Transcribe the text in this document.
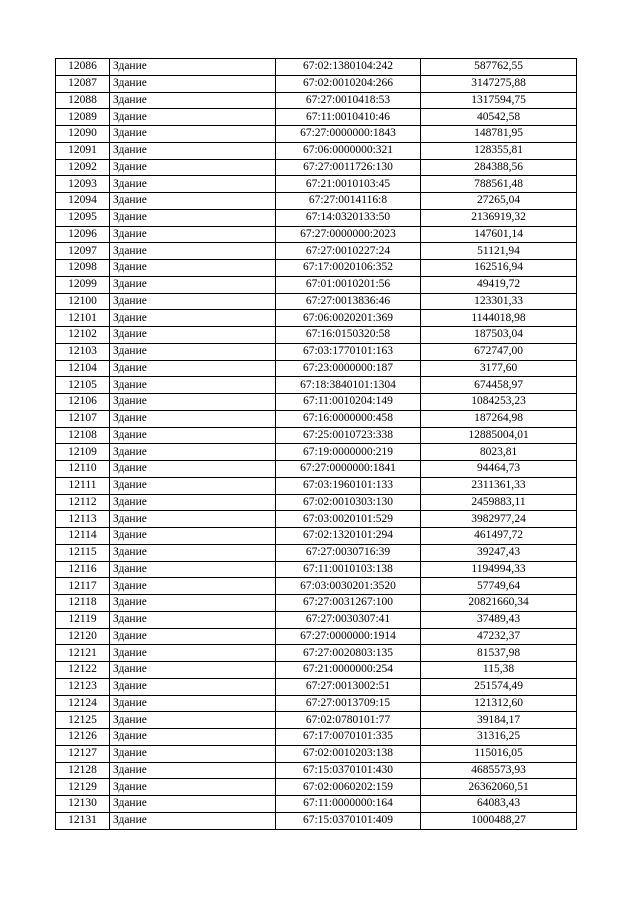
12086	Здание	67:02:1380104:242	587762,55
12087	Здание	67:02:0010204:266	3147275,88
12088	Здание	67:27:0010418:53	1317594,75
12089	Здание	67:11:0010410:46	40542,58
12090	Здание	67:27:0000000:1843	148781,95
12091	Здание	67:06:0000000:321	128355,81
12092	Здание	67:27:0011726:130	284388,56
12093	Здание	67:21:0010103:45	788561,48
12094	Здание	67:27:0014116:8	27265,04
12095	Здание	67:14:0320133:50	2136919,32
12096	Здание	67:27:0000000:2023	147601,14
12097	Здание	67:27:0010227:24	51121,94
12098	Здание	67:17:0020106:352	162516,94
12099	Здание	67:01:0010201:56	49419,72
12100	Здание	67:27:0013836:46	123301,33
12101	Здание	67:06:0020201:369	1144018,98
12102	Здание	67:16:0150320:58	187503,04
12103	Здание	67:03:1770101:163	672747,00
12104	Здание	67:23:0000000:187	3177,60
12105	Здание	67:18:3840101:1304	674458,97
12106	Здание	67:11:0010204:149	1084253,23
12107	Здание	67:16:0000000:458	187264,98
12108	Здание	67:25:0010723:338	12885004,01
12109	Здание	67:19:0000000:219	8023,81
12110	Здание	67:27:0000000:1841	94464,73
12111	Здание	67:03:1960101:133	2311361,33
12112	Здание	67:02:0010303:130	2459883,11
12113	Здание	67:03:0020101:529	3982977,24
12114	Здание	67:02:1320101:294	461497,72
12115	Здание	67:27:0030716:39	39247,43
12116	Здание	67:11:0010103:138	1194994,33
12117	Здание	67:03:0030201:3520	57749,64
12118	Здание	67:27:0031267:100	20821660,34
12119	Здание	67:27:0030307:41	37489,43
12120	Здание	67:27:0000000:1914	47232,37
12121	Здание	67:27:0020803:135	81537,98
12122	Здание	67:21:0000000:254	115,38
12123	Здание	67:27:0013002:51	251574,49
12124	Здание	67:27:0013709:15	121312,60
12125	Здание	67:02:0780101:77	39184,17
12126	Здание	67:17:0070101:335	31316,25
12127	Здание	67:02:0010203:138	115016,05
12128	Здание	67:15:0370101:430	4685573,93
12129	Здание	67:02:0060202:159	26362060,51
12130	Здание	67:11:0000000:164	64083,43
12131	Здание	67:15:0370101:409	1000488,27
